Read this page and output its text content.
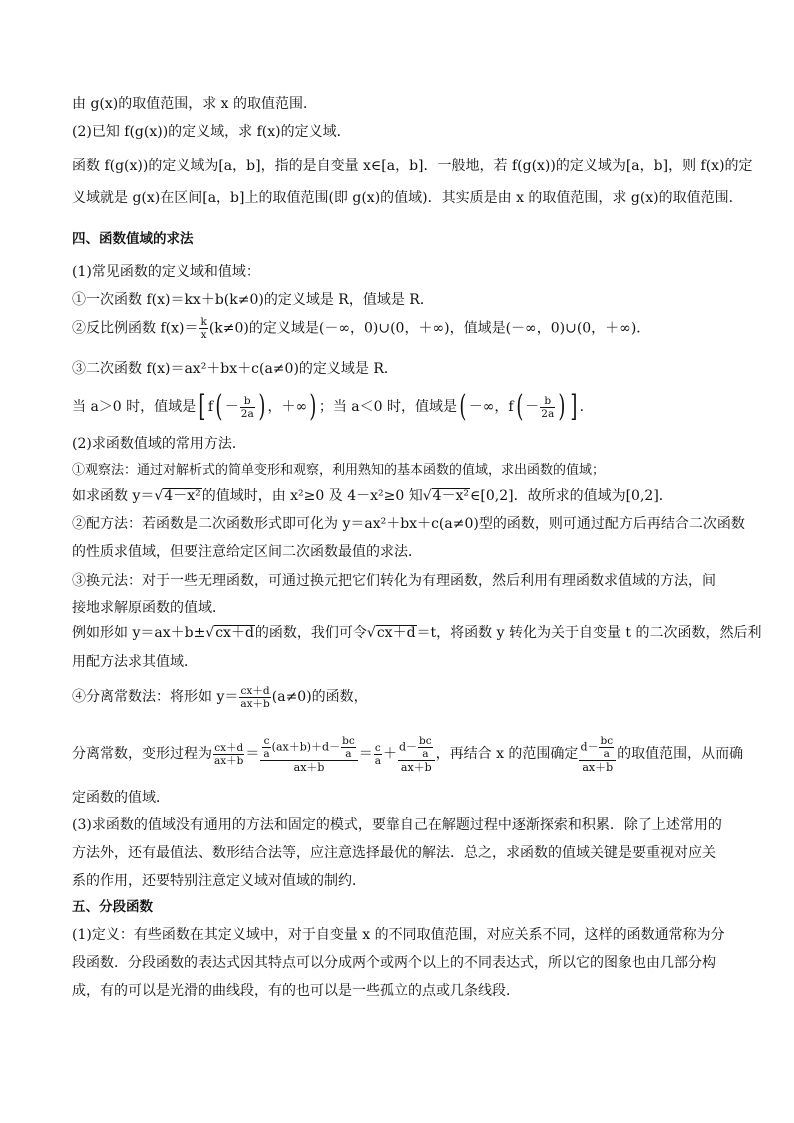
由 g(x)的取值范围，求 x 的取值范围．
(2)已知 f(g(x))的定义域，求 f(x)的定义域．
函数 f(g(x))的定义域为[a，b]，指的是自变量 x∈[a，b]．一般地，若 f(g(x))的定义域为[a，b]，则 f(x)的定
义域就是 g(x)在区间[a，b]上的取值范围(即 g(x)的值域)．其实质是由 x 的取值范围，求 g(x)的取值范围．
四、函数值域的求法
(1)常见函数的定义域和值域：
①一次函数 f(x)＝kx＋b(k≠0)的定义域是 R，值域是 R．
②反比例函数 $f(x)= \frac{k}{x} (k\ne 0)$的定义域是(－∞，0)∪(0，＋∞)，值域是(－∞，0)∪(0，＋∞)．
③二次函数 f(x)＝ax²＋bx＋c(a≠0)的定义域是 R．
当 a＞0 时，值域是[ $f( - \frac{b}{2a}$ ) ，＋∞) ；当 a＜0 时，值域是( －∞，$f( - \frac{b}{2a}$ ) ] ．
(2)求函数值域的常用方法．
①观察法：通过对解析式的简单变形和观察，利用熟知的基本函数的值域，求出函数的值域；
如求函数 y＝√4－x²的值域时，由 x²≥0 及 4－x²≥0 知√4－x²∈[0,2]．故所求的值域为[0,2]．
②配方法：若函数是二次函数形式即可化为 y＝ax²＋bx＋c(a≠0)型的函数，则可通过配方后再结合二次函数
的性质求值域，但要注意给定区间二次函数最值的求法．
③换元法：对于一些无理函数，可通过换元把它们转化为有理函数，然后利用有理函数求值域的方法，间
接地求解原函数的值域．
例如形如 y＝ax＋b±√cx＋d的函数，我们可令√cx＋d＝t，将函数 y 转化为关于自变量 t 的二次函数，然后利
用配方法求其值域．
④分离常数法：将形如 $y= \frac{cx+d}{ax+b} (a\ne 0)$的函数，
分离常数，变形过程为 $\frac{cx+d}{ax+b} = \frac{\frac{c}{a} (ax+b)+d- \frac{bc}{a}}{ax+b} = \frac{c}{a} + \frac{d- \frac{bc}{a}}{ax+b}$ ，再结合 x 的范围确定 $\frac{d- \frac{bc}{a}}{ax+b}$ 的取值范围，从而确
定函数的值域．
(3)求函数的值域没有通用的方法和固定的模式，要靠自己在解题过程中逐渐探索和积累．除了上述常用的
方法外，还有最值法、数形结合法等，应注意选择最优的解法．总之，求函数的值域关键是要重视对应关
系的作用，还要特别注意定义域对值域的制约．
五、分段函数
(1)定义：有些函数在其定义域中，对于自变量 x 的不同取值范围，对应关系不同，这样的函数通常称为分
段函数．分段函数的表达式因其特点可以分成两个或两个以上的不同表达式，所以它的图象也由几部分构
成，有的可以是光滑的曲线段，有的也可以是一些孤立的点或几条线段．
